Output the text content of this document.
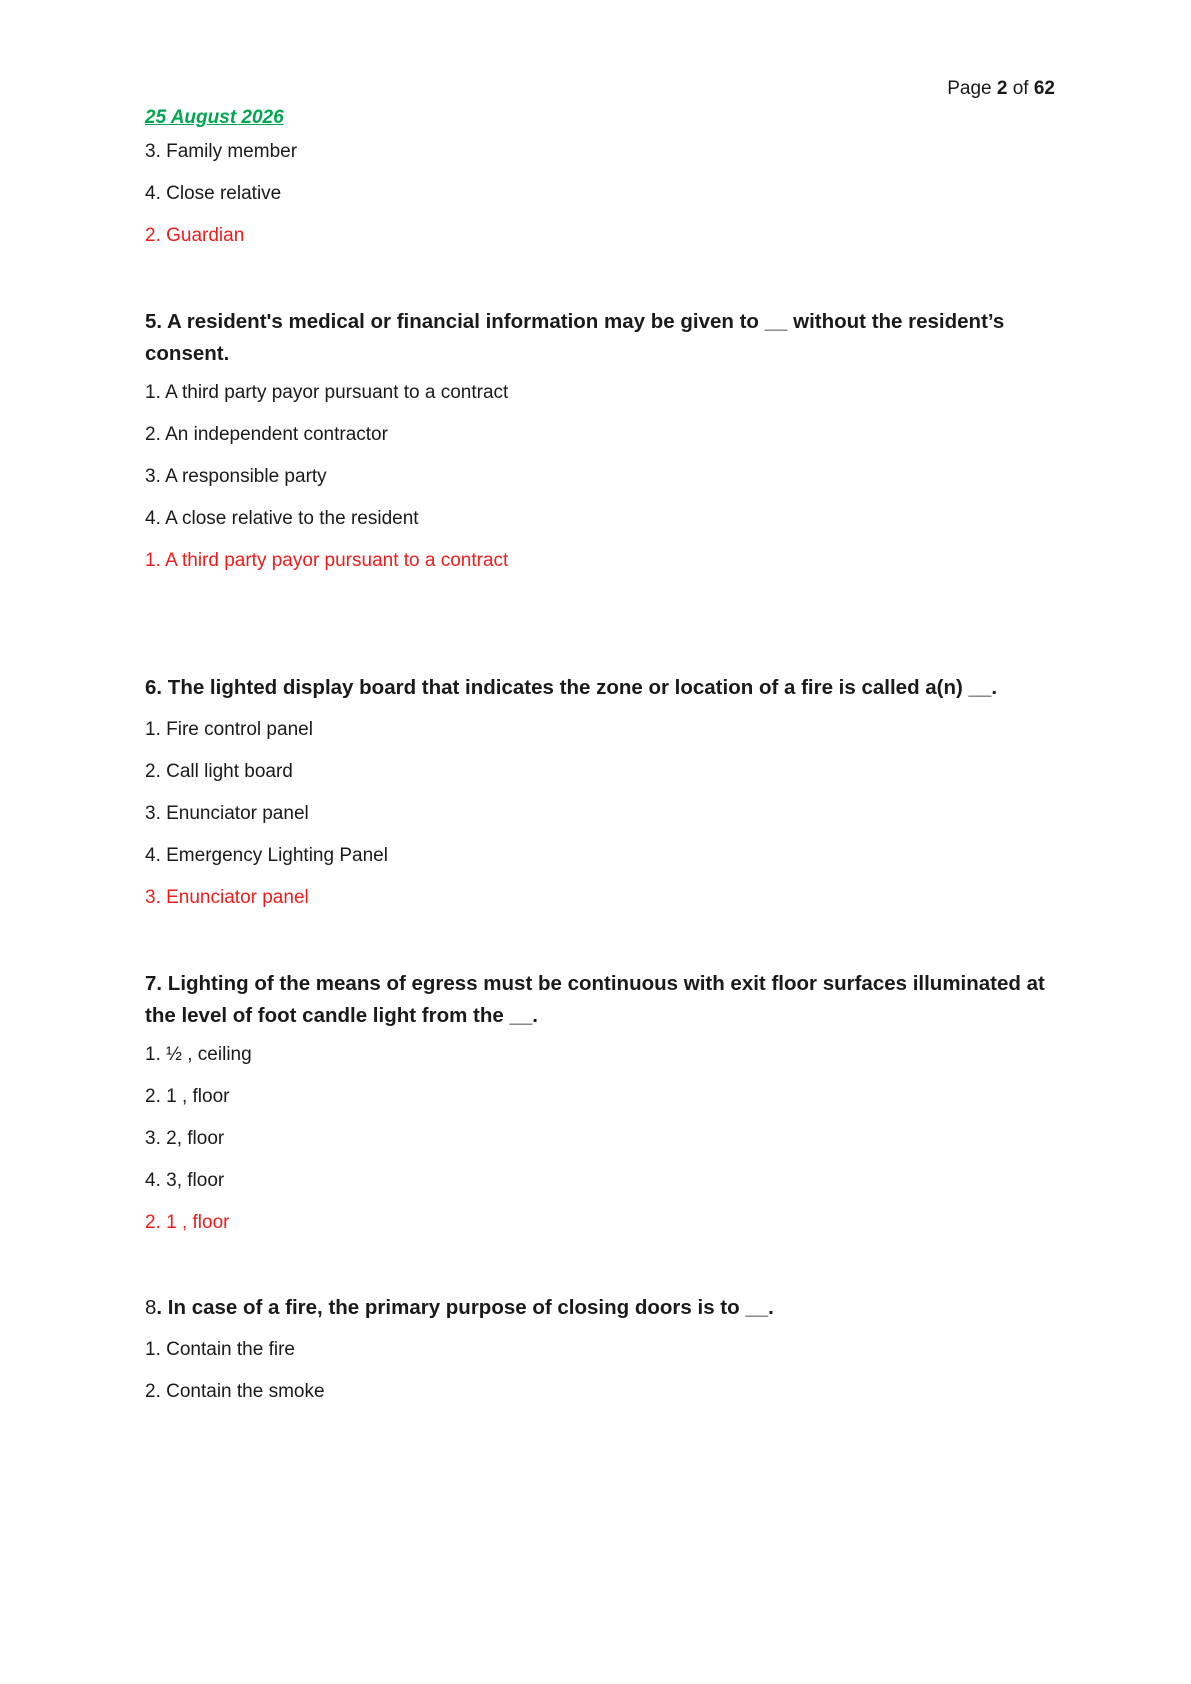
Page 2 of 62
25 August 2026
3. Family member
4. Close relative
2. Guardian
5. A resident's medical or financial information may be given to __ without the resident’s consent.
1. A third party payor pursuant to a contract
2. An independent contractor
3. A responsible party
4. A close relative to the resident
1. A third party payor pursuant to a contract
6. The lighted display board that indicates the zone or location of a fire is called a(n) __.
1. Fire control panel
2. Call light board
3. Enunciator panel
4. Emergency Lighting Panel
3. Enunciator panel
7. Lighting of the means of egress must be continuous with exit floor surfaces illuminated at the level of foot candle light from the __.
1. ½ , ceiling
2. 1 , floor
3. 2, floor
4. 3, floor
2. 1 , floor
8. In case of a fire, the primary purpose of closing doors is to __.
1. Contain the fire
2. Contain the smoke
